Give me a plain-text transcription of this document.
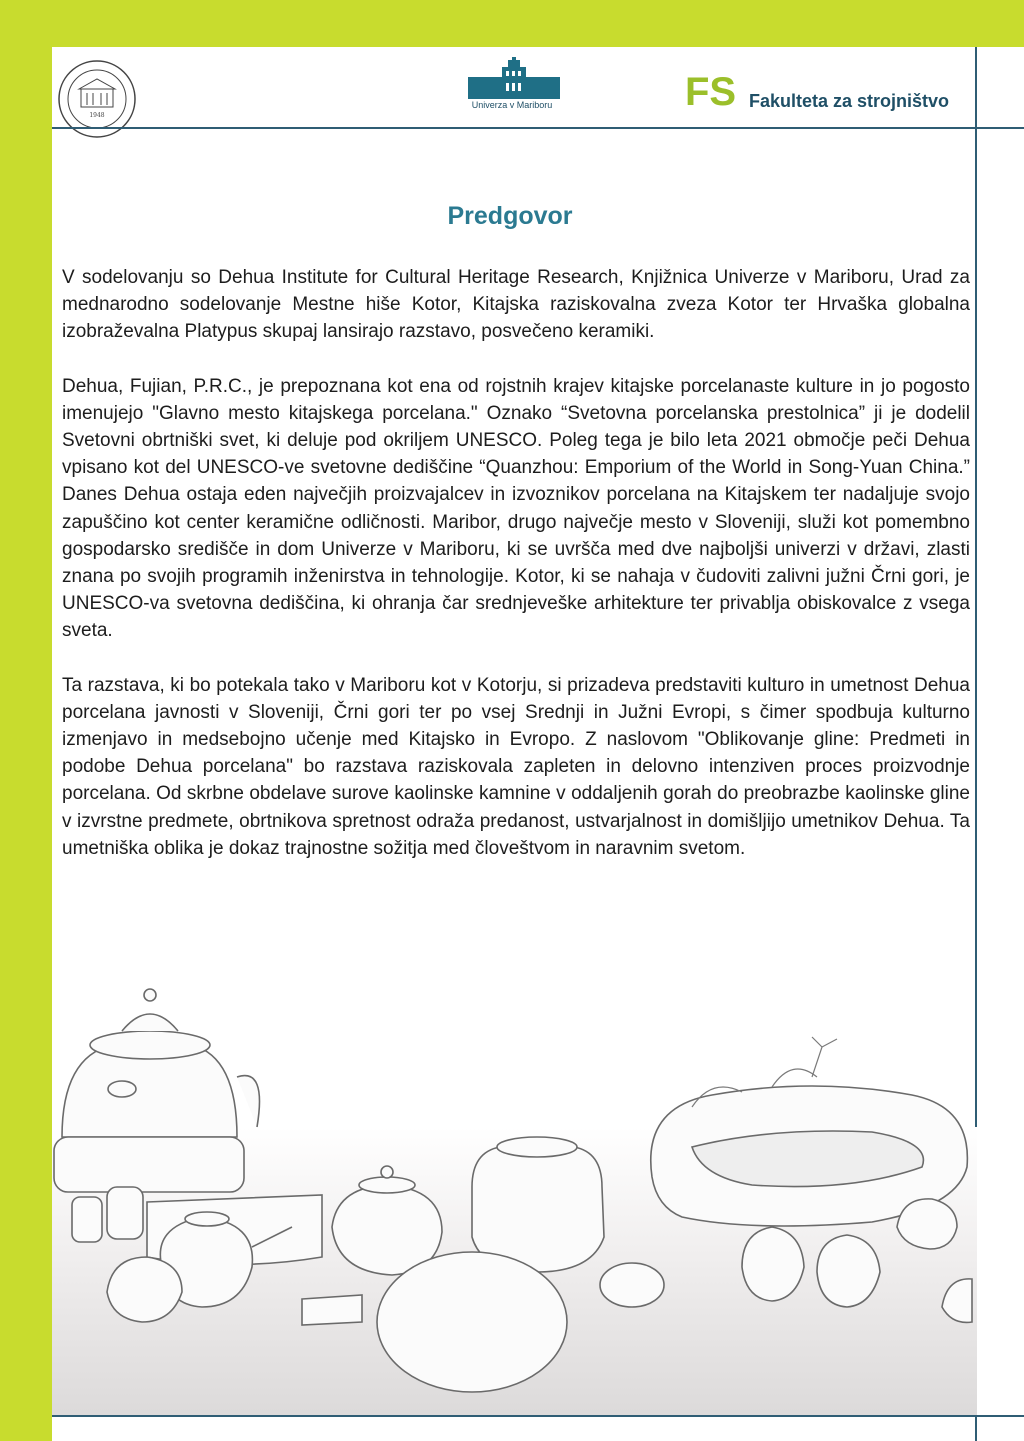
1948
Univerza v Mariboru	FS Fakulteta za strojništvo
Predgovor

V sodelovanju so Dehua Institute for Cultural Heritage Research, Knjižnica Univerze v Mariboru, Urad za mednarodno sodelovanje Mestne hiše Kotor, Kitajska raziskovalna zveza Kotor ter Hrvaška globalna izobraževalna Platypus skupaj lansirajo razstavo, posvečeno keramiki.

Dehua, Fujian, P.R.C., je prepoznana kot ena od rojstnih krajev kitajske porcelanaste kulture in jo pogosto imenujejo "Glavno mesto kitajskega porcelana." Oznako “Svetovna porcelanska prestolnica” ji je dodelil Svetovni obrtniški svet, ki deluje pod okriljem UNESCO. Poleg tega je bilo leta 2021 območje peči Dehua vpisano kot del UNESCO-ve svetovne dediščine “Quanzhou: Emporium of the World in Song-Yuan China.” Danes Dehua ostaja eden največjih proizvajalcev in izvoznikov porcelana na Kitajskem ter nadaljuje svojo zapuščino kot center keramične odličnosti. Maribor, drugo največje mesto v Sloveniji, služi kot pomembno gospodarsko središče in dom Univerze v Mariboru, ki se uvršča med dve najboljši univerzi v državi, zlasti znana po svojih programih inženirstva in tehnologije. Kotor, ki se nahaja v čudoviti zalivni južni Črni gori, je UNESCO-va svetovna dediščina, ki ohranja čar srednjeveške arhitekture ter privablja obiskovalce z vsega sveta.

Ta razstava, ki bo potekala tako v Mariboru kot v Kotorju, si prizadeva predstaviti kulturo in umetnost Dehua porcelana javnosti v Sloveniji, Črni gori ter po vsej Srednji in Južni Evropi, s čimer spodbuja kulturno izmenjavo in medsebojno učenje med Kitajsko in Evropo. Z naslovom "Oblikovanje gline: Predmeti in podobe Dehua porcelana" bo razstava raziskovala zapleten in delovno intenziven proces proizvodnje porcelana. Od skrbne obdelave surove kaolinske kamnine v oddaljenih gorah do preobrazbe kaolinske gline v izvrstne predmete, obrtnikova spretnost odraža predanost, ustvarjalnost in domišljijo umetnikov Dehua. Ta umetniška oblika je dokaz trajnostne sožitja med človeštvom in naravnim svetom.
